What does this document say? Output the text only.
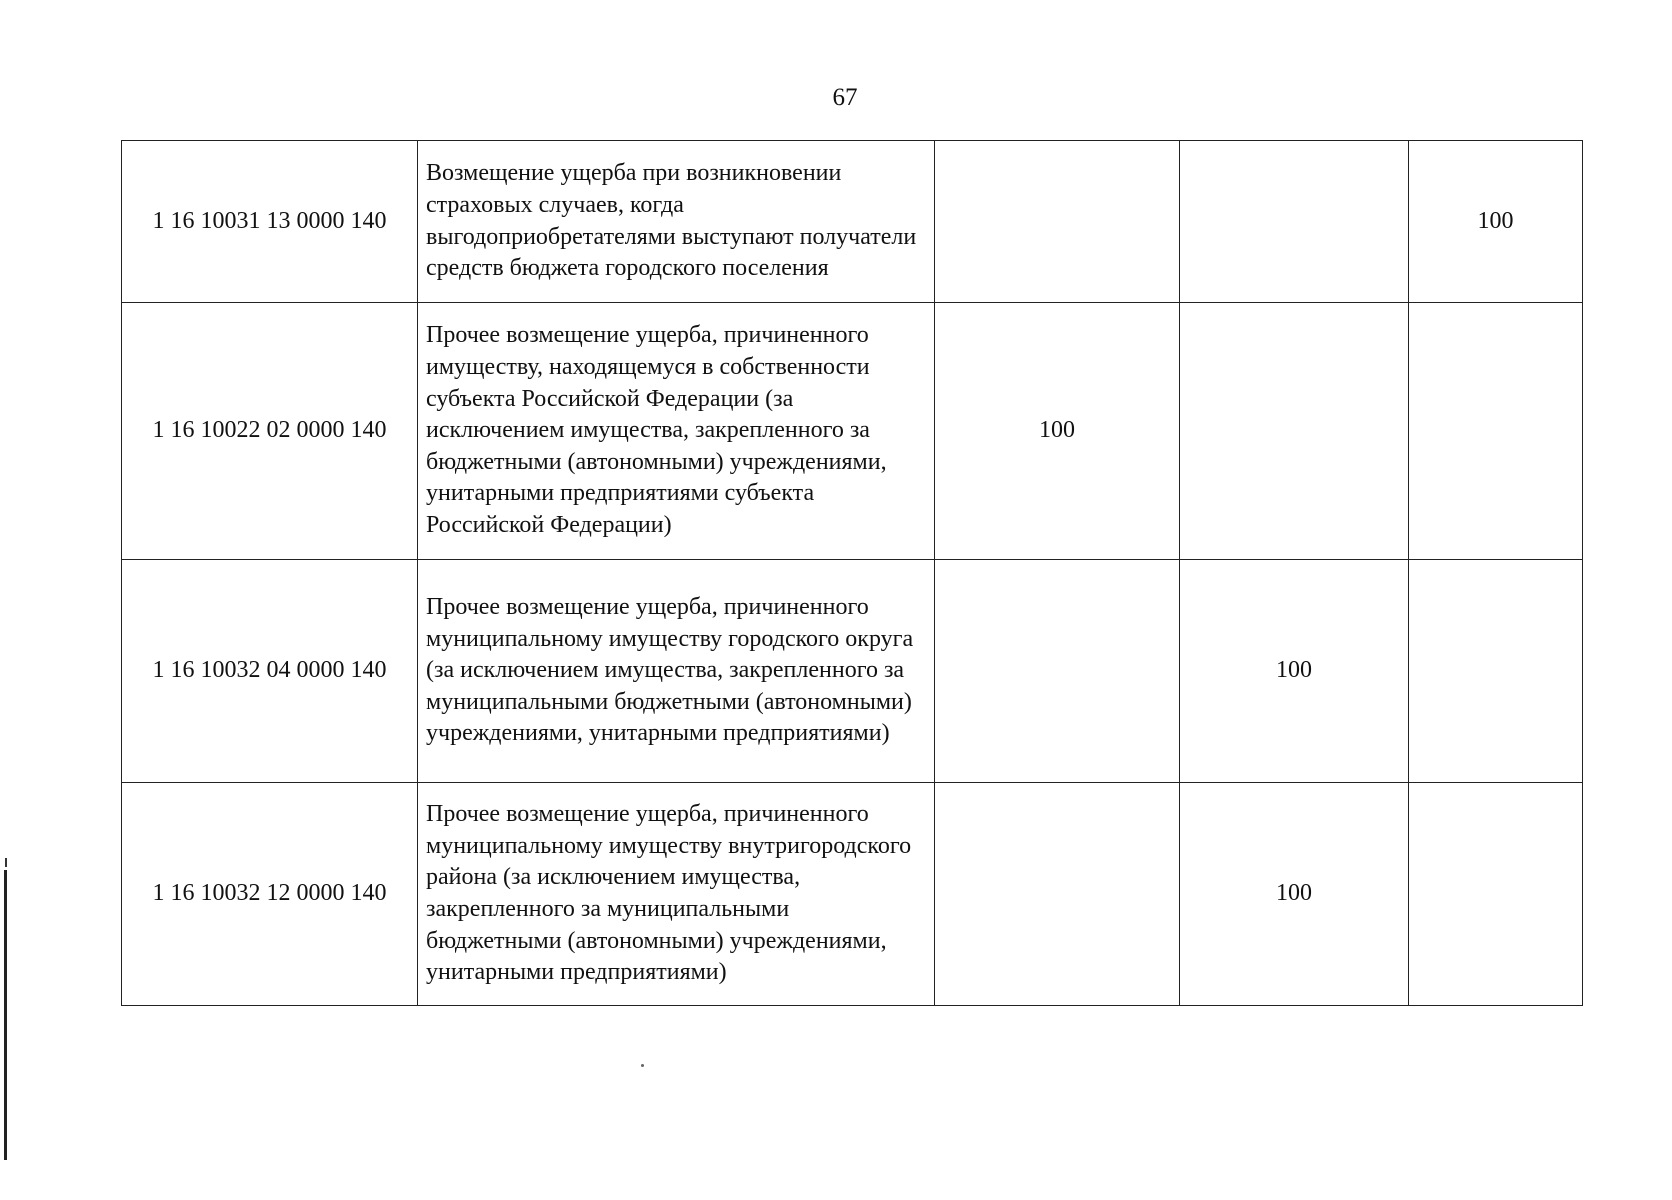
67
1 16 10031 13 0000 140	Возмещение ущерба при возникновении страховых случаев, когда выгодоприобретателями выступают получатели средств бюджета городского поселения			100
1 16 10022 02 0000 140	Прочее возмещение ущерба, причиненного имуществу, находящемуся в собственности субъекта Российской Федерации (за исключением имущества, закрепленного за бюджетными (автономными) учреждениями, унитарными предприятиями субъекта Российской Федерации)	100		
1 16 10032 04 0000 140	Прочее возмещение ущерба, причиненного муниципальному имуществу городского округа (за исключением имущества, закрепленного за муниципальными бюджетными (автономными) учреждениями, унитарными предприятиями)		100	
1 16 10032 12 0000 140	Прочее возмещение ущерба, причиненного муниципальному имуществу внутригородского района (за исключением имущества, закрепленного за муниципальными бюджетными (автономными) учреждениями, унитарными предприятиями)		100	
